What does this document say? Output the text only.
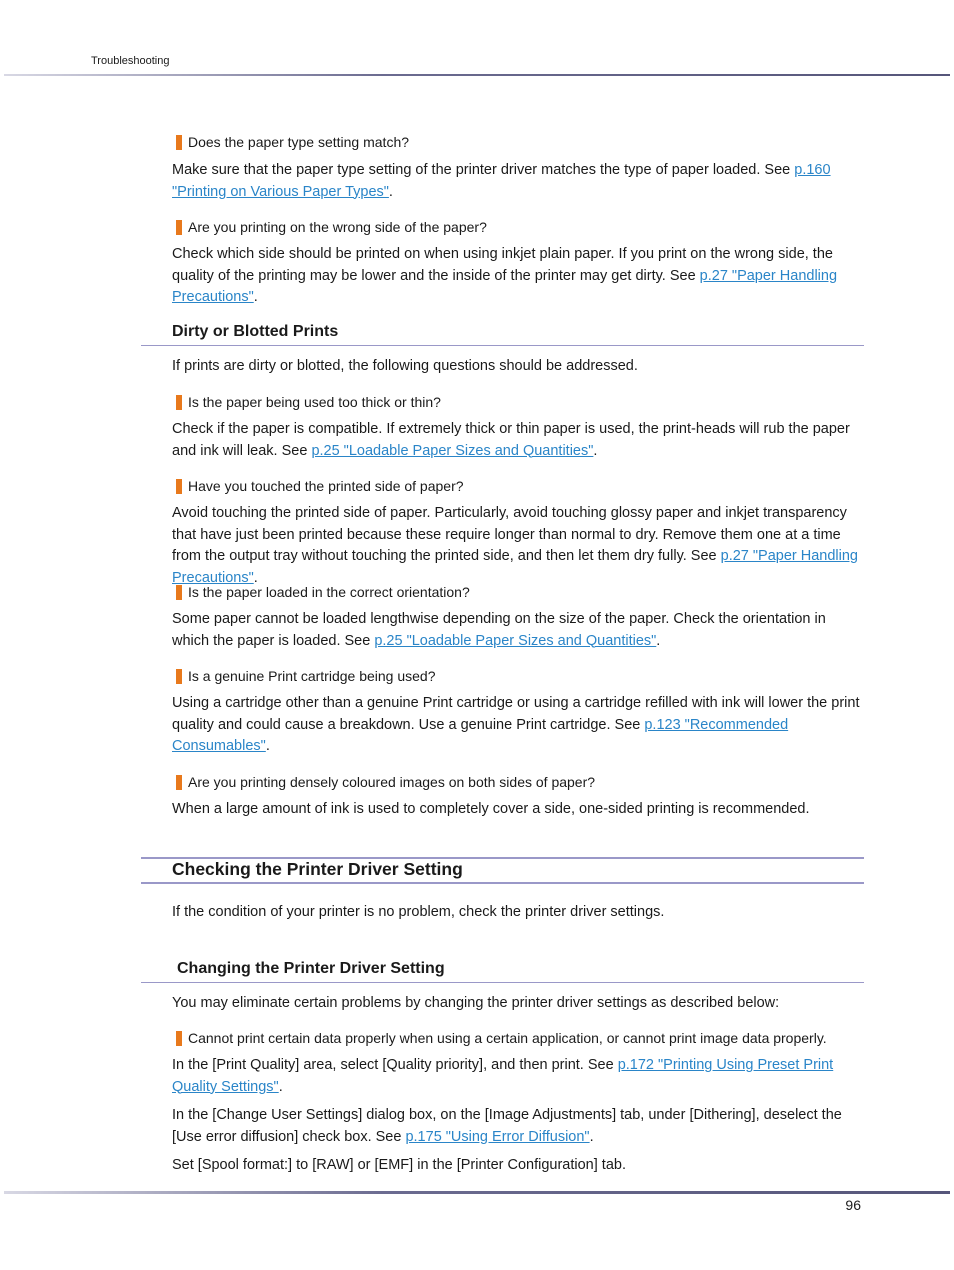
Troubleshooting
Does the paper type setting match?
Make sure that the paper type setting of the printer driver matches the type of paper loaded. See p.160 "Printing on Various Paper Types".
Are you printing on the wrong side of the paper?
Check which side should be printed on when using inkjet plain paper. If you print on the wrong side, the quality of the printing may be lower and the inside of the printer may get dirty. See p.27 "Paper Handling Precautions".
Dirty or Blotted Prints
If prints are dirty or blotted, the following questions should be addressed.
Is the paper being used too thick or thin?
Check if the paper is compatible. If extremely thick or thin paper is used, the print-heads will rub the paper and ink will leak. See p.25 "Loadable Paper Sizes and Quantities".
Have you touched the printed side of paper?
Avoid touching the printed side of paper. Particularly, avoid touching glossy paper and inkjet transparency that have just been printed because these require longer than normal to dry. Remove them one at a time from the output tray without touching the printed side, and then let them dry fully. See p.27 "Paper Handling Precautions".
Is the paper loaded in the correct orientation?
Some paper cannot be loaded lengthwise depending on the size of the paper. Check the orientation in which the paper is loaded. See p.25 "Loadable Paper Sizes and Quantities".
Is a genuine Print cartridge being used?
Using a cartridge other than a genuine Print cartridge or using a cartridge refilled with ink will lower the print quality and could cause a breakdown. Use a genuine Print cartridge. See p.123 "Recommended Consumables".
Are you printing densely coloured images on both sides of paper?
When a large amount of ink is used to completely cover a side, one-sided printing is recommended.
Checking the Printer Driver Setting
If the condition of your printer is no problem, check the printer driver settings.
Changing the Printer Driver Setting
You may eliminate certain problems by changing the printer driver settings as described below:
Cannot print certain data properly when using a certain application, or cannot print image data properly.
In the [Print Quality] area, select [Quality priority], and then print. See p.172 "Printing Using Preset Print Quality Settings".
In the [Change User Settings] dialog box, on the [Image Adjustments] tab, under [Dithering], deselect the [Use error diffusion] check box. See p.175 "Using Error Diffusion".
Set [Spool format:] to [RAW] or [EMF] in the [Printer Configuration] tab.
96
